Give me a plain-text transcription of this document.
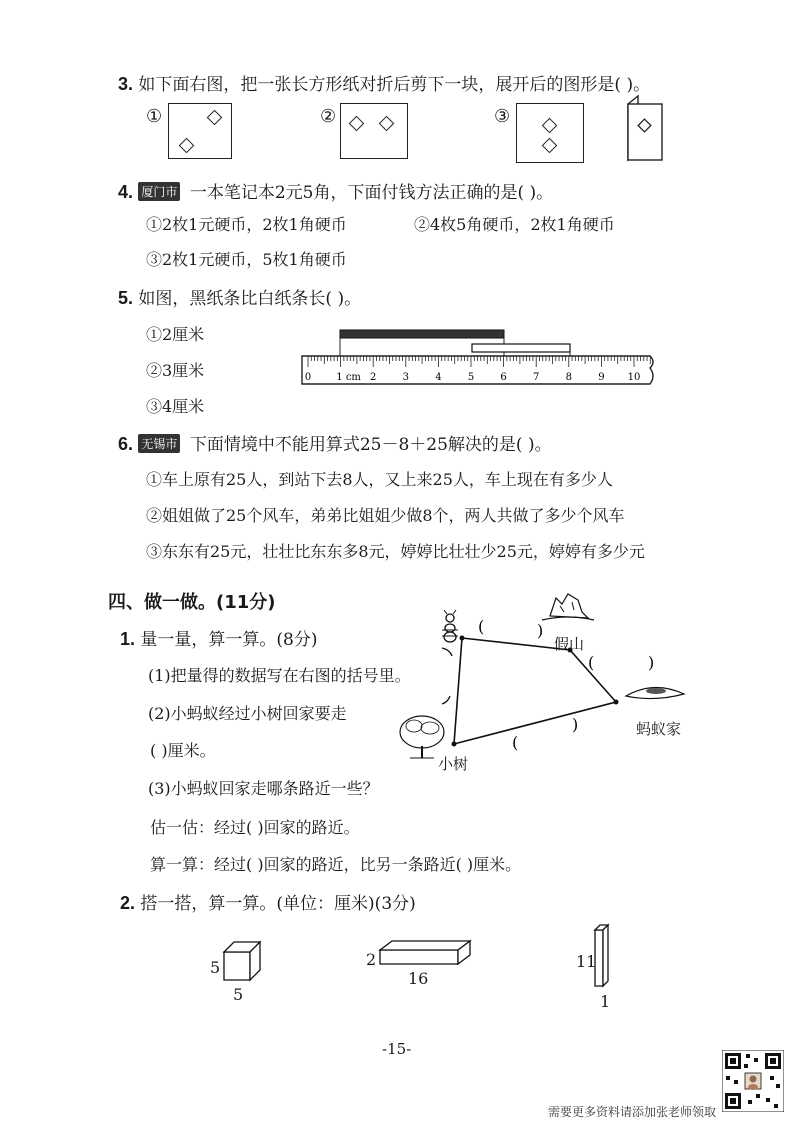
3. 如下面右图，把一张长方形纸对折后剪下一块，展开后的图形是( )。
①	②	③
4. 厦门市 一本笔记本2元5角，下面付钱方法正确的是( )。
①2枚1元硬币，2枚1角硬币	②4枚5角硬币，2枚1角硬币
③2枚1元硬币，5枚1角硬币
5. 如图，黑纸条比白纸条长( )。
①2厘米
②3厘米
③4厘米
0	1 cm 2	3	4	5	6	7	8	9 10
6. 无锡市 下面情境中不能用算式25－8＋25解决的是( )。
①车上原有25人，到站下去8人，又上来25人，车上现在有多少人
②姐姐做了25个风车，弟弟比姐姐少做8个，两人共做了多少个风车
③东东有25元，壮壮比东东多8元，婷婷比壮壮少25元，婷婷有多少元
四、做一做。(11分)
1. 量一量，算一算。(8分)
(1)把量得的数据写在右图的括号里。
(2)小蚂蚁经过小树回家要走
( )厘米。
(3)小蚂蚁回家走哪条路近一些？
估一估：经过( )回家的路近。
算一算：经过( )回家的路近，比另一条路近( )厘米。
(	)
(	)
(
)
假山
蚂蚁家
小树
2. 搭一搭，算一算。(单位：厘米)(3分)
5
5
2
16
11
1
-15-
需要更多资料请添加张老师领取
